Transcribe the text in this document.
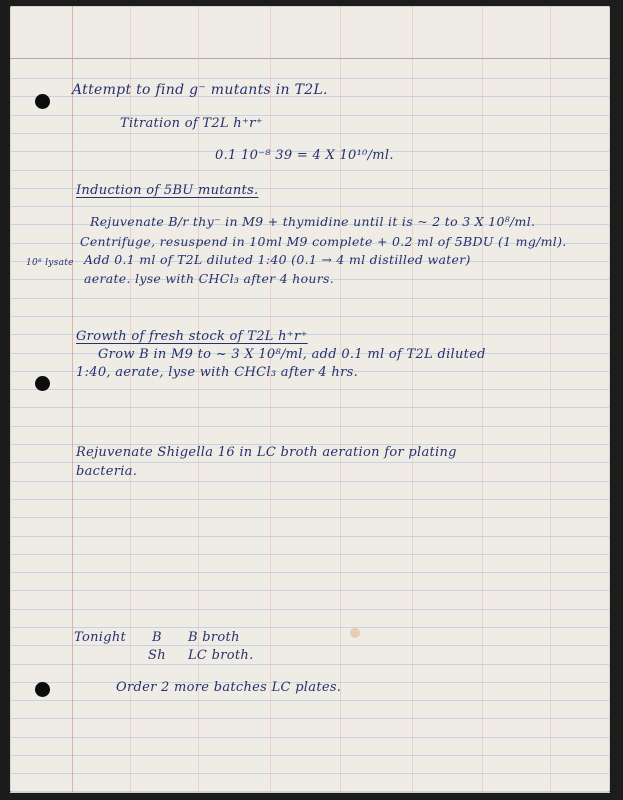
Attempt to find g⁻ mutants in T2L.
Titration of T2L h⁺r⁺
0.1 10⁻⁸ 39 = 4 X 10¹⁰/ml.
Induction of 5BU mutants.
Rejuvenate B/r thy⁻ in M9 + thymidine until it is ~ 2 to 3 X 10⁸/ml.
Centrifuge, resuspend in 10ml M9 complete + 0.2 ml of 5BDU (1 mg/ml).
10⁸ lysate Add 0.1 ml of T2L diluted 1:40 (0.1 → 4 ml distilled water)
aerate. lyse with CHCl₃ after 4 hours.
Growth of fresh stock of T2L h⁺r⁺
Grow B in M9 to ~ 3 X 10⁸/ml, add 0.1 ml of T2L diluted
1:40, aerate, lyse with CHCl₃ after 4 hrs.
Rejuvenate Shigella 16 in LC broth aeration for plating
bacteria.
Tonight B B broth
Sh LC broth.
Order 2 more batches LC plates.
